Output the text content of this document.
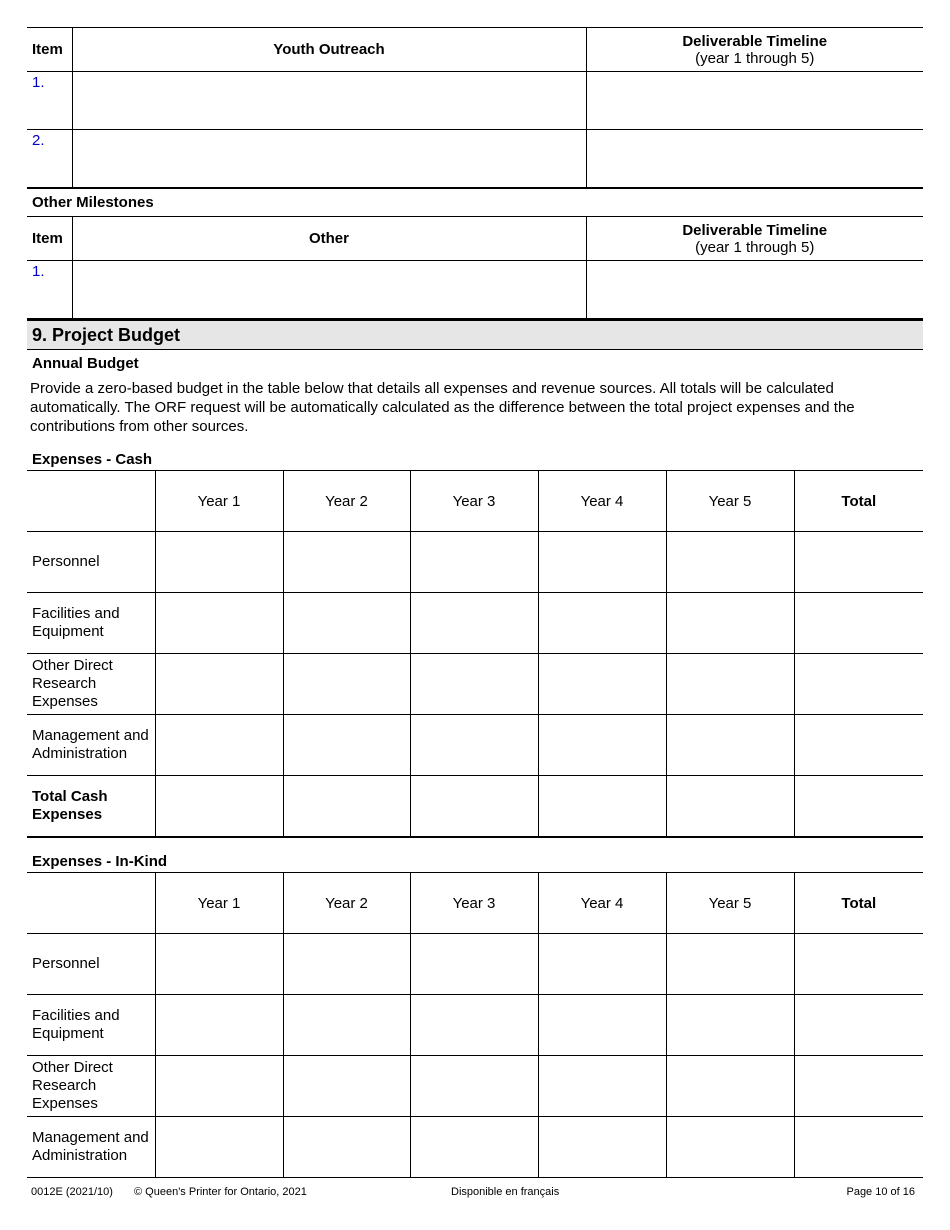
Item	Youth Outreach	Deliverable Timeline
(year 1 through 5)

1.		
2.		
Other Milestones
Item	Other	Deliverable Timeline
(year 1 through 5)

1.		
9. Project Budget
Annual Budget
Provide a zero-based budget in the table below that details all expenses and revenue sources. All totals will be calculated automatically. The ORF request will be automatically calculated as the difference between the total project expenses and the contributions from other sources.
Expenses - Cash
	Year 1	Year 2	Year 3	Year 4	Year 5	Total
Personnel						
Facilities and Equipment						
Other Direct Research Expenses						
Management and Administration						
Total Cash Expenses						
Expenses - In-Kind
	Year 1	Year 2	Year 3	Year 4	Year 5	Total
Personnel						
Facilities and Equipment						
Other Direct Research Expenses						
Management and Administration						
0012E (2021/10) © Queen's Printer for Ontario, 2021	Disponible en français	Page 10 of 16
